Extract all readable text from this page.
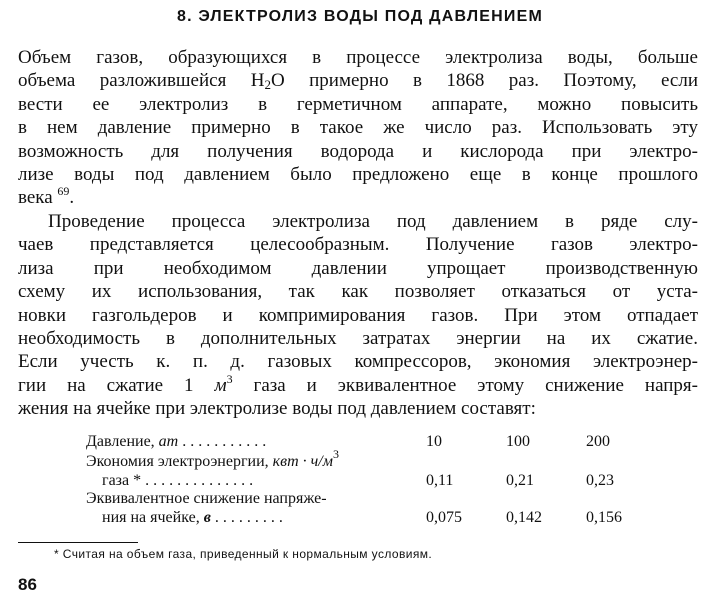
8. ЭЛЕКТРОЛИЗ ВОДЫ ПОД ДАВЛЕНИЕМ
Объем газов, образующихся в процессе электролиза воды, больше
объема разложившейся $H_2O$ примерно в 1868 раз. Поэтому, если
вести ее электролиз в герметичном аппарате, можно повысить
в нем давление примерно в такое же число раз. Использовать эту
возможность для получения водорода и кислорода при электро-
лизе воды под давлением было предложено еще в конце прошлого
века $^{69}$.
Проведение процесса электролиза под давлением в ряде слу-
чаев представляется целесообразным. Получение газов электро-
лиза при необходимом давлении упрощает производственную
схему их использования, так как позволяет отказаться от уста-
новки газгольдеров и компримирования газов. При этом отпадает
необходимость в дополнительных затратах энергии на их сжатие.
Если учесть к. п. д. газовых компрессоров, экономия электроэнер-
гии на сжатие 1 $м^3$ газа и эквивалентное этому снижение напря-
жения на ячейке при электролизе воды под давлением составят:
Давление, ат . . . . . . . . . . .	10	100	200
Экономия электроэнергии, квт · $ч/м^3$
газа * . . . . . . . . . . . . . .	0,11	0,21	0,23
Эквивалентное снижение напряже-
ния на ячейке, в . . . . . . . . .	0,075	0,142	0,156
* Считая на объем газа, приведенный к нормальным условиям.
86
